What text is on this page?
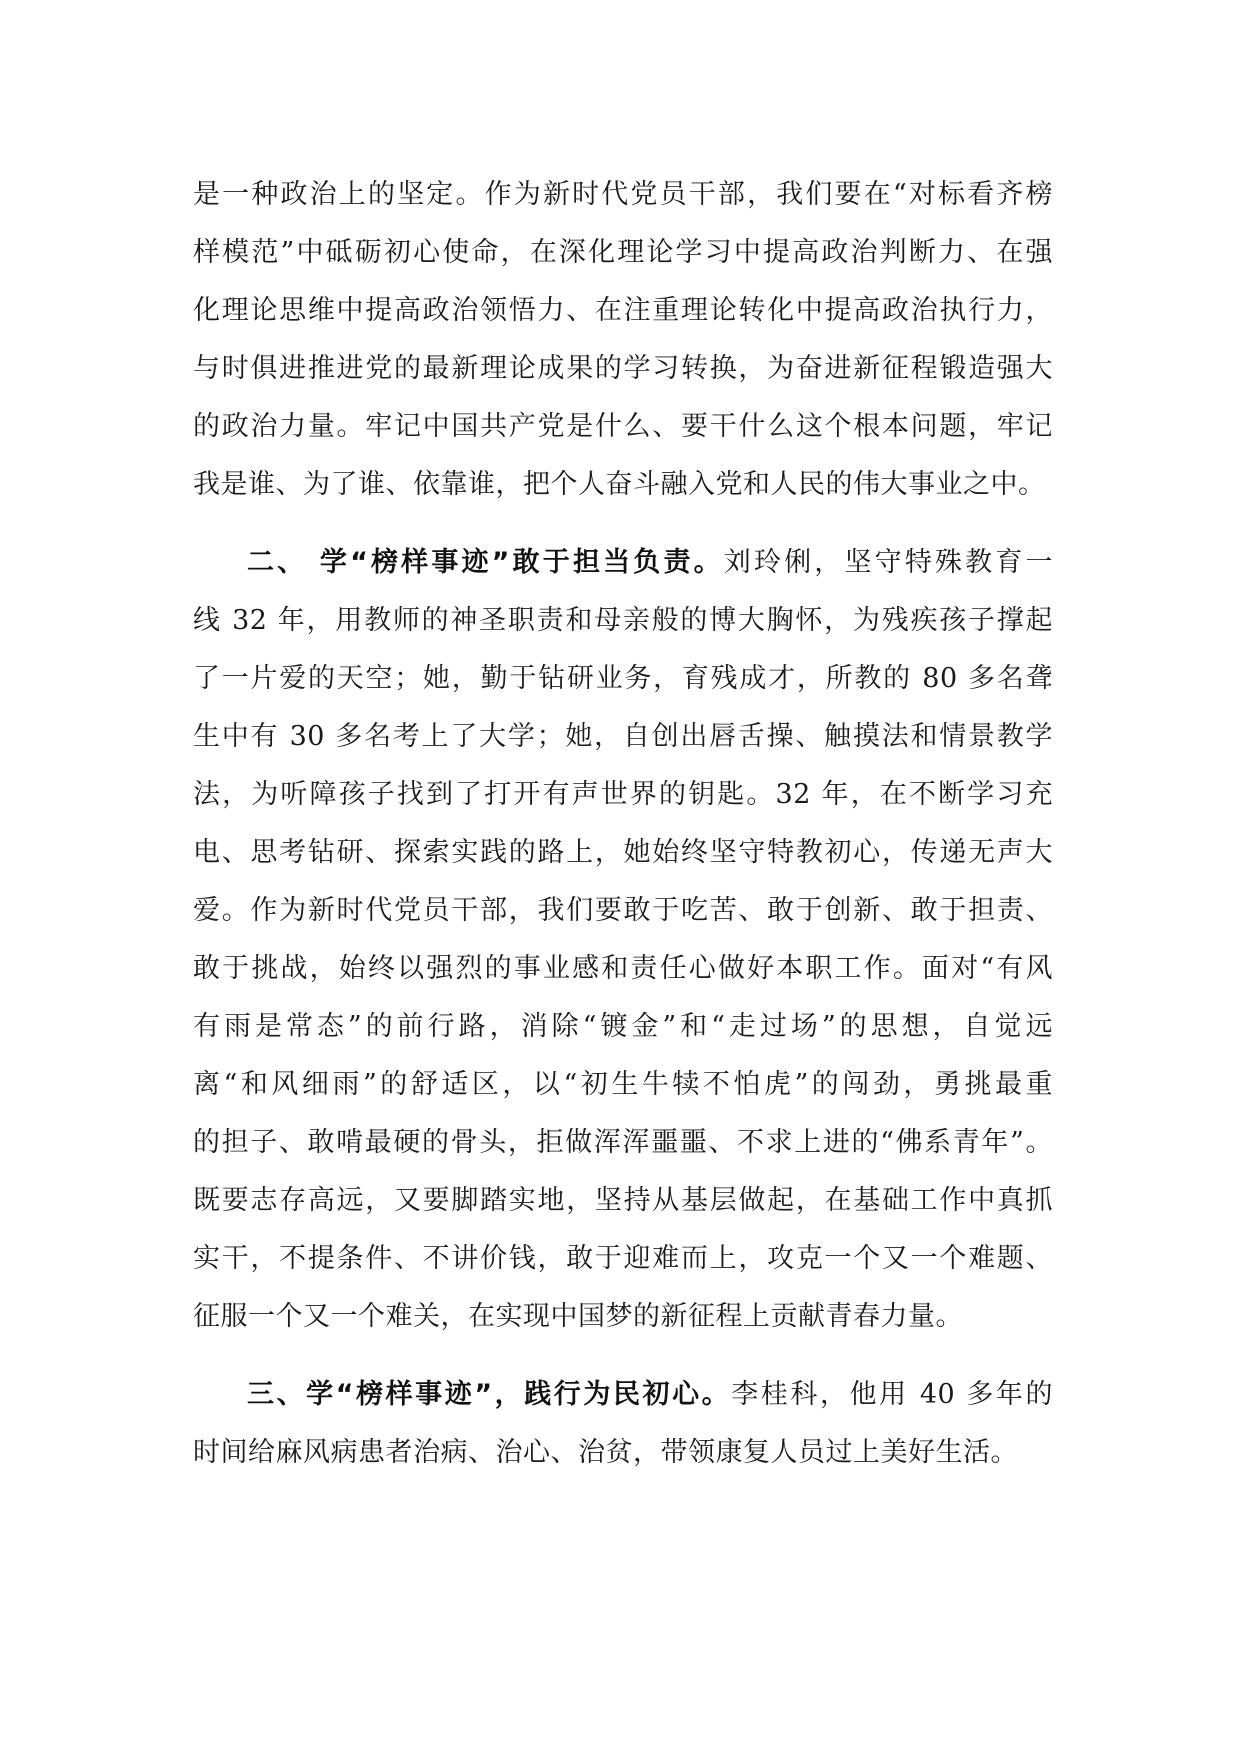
是一种政治上的坚定。作为新时代党员干部，我们要在“对标看齐榜
样模范”中砥砺初心使命，在深化理论学习中提高政治判断力、在强
化理论思维中提高政治领悟力、在注重理论转化中提高政治执行力，
与时俱进推进党的最新理论成果的学习转换，为奋进新征程锻造强大
的政治力量。牢记中国共产党是什么、要干什么这个根本问题，牢记
我是谁、为了谁、依靠谁，把个人奋斗融入党和人民的伟大事业之中。
二、 学“榜样事迹”敢于担当负责。刘玲俐，坚守特殊教育一
线 32 年，用教师的神圣职责和母亲般的博大胸怀，为残疾孩子撑起
了一片爱的天空；她，勤于钻研业务，育残成才，所教的 80 多名聋
生中有 30 多名考上了大学；她，自创出唇舌操、触摸法和情景教学
法，为听障孩子找到了打开有声世界的钥匙。32 年，在不断学习充
电、思考钻研、探索实践的路上，她始终坚守特教初心，传递无声大
爱。作为新时代党员干部，我们要敢于吃苦、敢于创新、敢于担责、
敢于挑战，始终以强烈的事业感和责任心做好本职工作。面对“有风
有雨是常态”的前行路，消除“镀金”和“走过场”的思想，自觉远
离“和风细雨”的舒适区，以“初生牛犊不怕虎”的闯劲，勇挑最重
的担子、敢啃最硬的骨头，拒做浑浑噩噩、不求上进的“佛系青年”。
既要志存高远，又要脚踏实地，坚持从基层做起，在基础工作中真抓
实干，不提条件、不讲价钱，敢于迎难而上，攻克一个又一个难题、
征服一个又一个难关，在实现中国梦的新征程上贡献青春力量。
三、学“榜样事迹”，践行为民初心。李桂科，他用 40 多年的
时间给麻风病患者治病、治心、治贫，带领康复人员过上美好生活。
